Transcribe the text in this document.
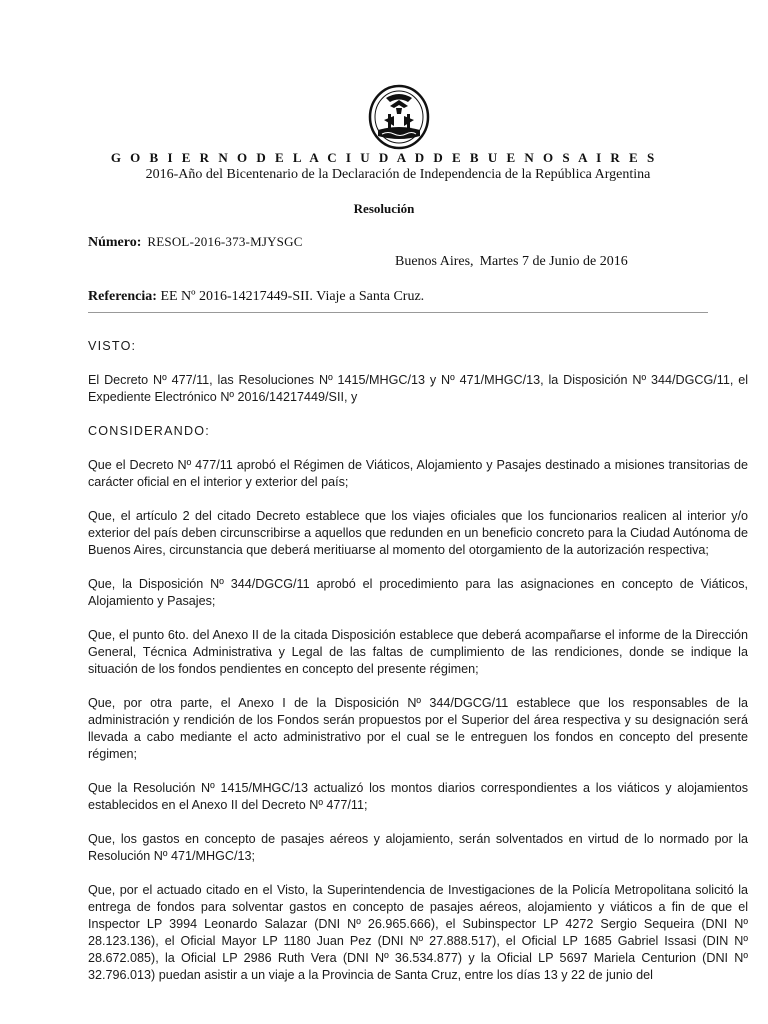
G O B I E R N O D E L A C I U D A D D E B U E N O S A I R E S
2016-Año del Bicentenario de la Declaración de Independencia de la República Argentina
Resolución
Número: RESOL-2016-373-MJYSGC
Buenos Aires, Martes 7 de Junio de 2016
Referencia: EE Nº 2016-14217449-SII. Viaje a Santa Cruz.

VISTO:

El Decreto Nº 477/11, las Resoluciones Nº 1415/MHGC/13 y Nº 471/MHGC/13, la Disposición Nº 344/DGCG/11, el Expediente Electrónico Nº 2016/14217449/SII, y

CONSIDERANDO:

Que el Decreto Nº 477/11 aprobó el Régimen de Viáticos, Alojamiento y Pasajes destinado a misiones transitorias de carácter oficial en el interior y exterior del país;

Que, el artículo 2 del citado Decreto establece que los viajes oficiales que los funcionarios realicen al interior y/o exterior del país deben circunscribirse a aquellos que redunden en un beneficio concreto para la Ciudad Autónoma de Buenos Aires, circunstancia que deberá meritiuarse al momento del otorgamiento de la autorización respectiva;

Que, la Disposición Nº 344/DGCG/11 aprobó el procedimiento para las asignaciones en concepto de Viáticos, Alojamiento y Pasajes;

Que, el punto 6to. del Anexo II de la citada Disposición establece que deberá acompañarse el informe de la Dirección General, Técnica Administrativa y Legal de las faltas de cumplimiento de las rendiciones, donde se indique la situación de los fondos pendientes en concepto del presente régimen;

Que, por otra parte, el Anexo I de la Disposición Nº 344/DGCG/11 establece que los responsables de la administración y rendición de los Fondos serán propuestos por el Superior del área respectiva y su designación será llevada a cabo mediante el acto administrativo por el cual se le entreguen los fondos en concepto del presente régimen;

Que la Resolución Nº 1415/MHGC/13 actualizó los montos diarios correspondientes a los viáticos y alojamientos establecidos en el Anexo II del Decreto Nº 477/11;

Que, los gastos en concepto de pasajes aéreos y alojamiento, serán solventados en virtud de lo normado por la Resolución Nº 471/MHGC/13;

Que, por el actuado citado en el Visto, la Superintendencia de Investigaciones de la Policía Metropolitana solicitó la entrega de fondos para solventar gastos en concepto de pasajes aéreos, alojamiento y viáticos a fin de que el Inspector LP 3994 Leonardo Salazar (DNI Nº 26.965.666), el Subinspector LP 4272 Sergio Sequeira (DNI Nº 28.123.136), el Oficial Mayor LP 1180 Juan Pez (DNI Nº 27.888.517), el Oficial LP 1685 Gabriel Issasi (DIN Nº 28.672.085), la Oficial LP 2986 Ruth Vera (DNI Nº 36.534.877) y la Oficial LP 5697 Mariela Centurion (DNI Nº 32.796.013) puedan asistir a un viaje a la Provincia de Santa Cruz, entre los días 13 y 22 de junio del
